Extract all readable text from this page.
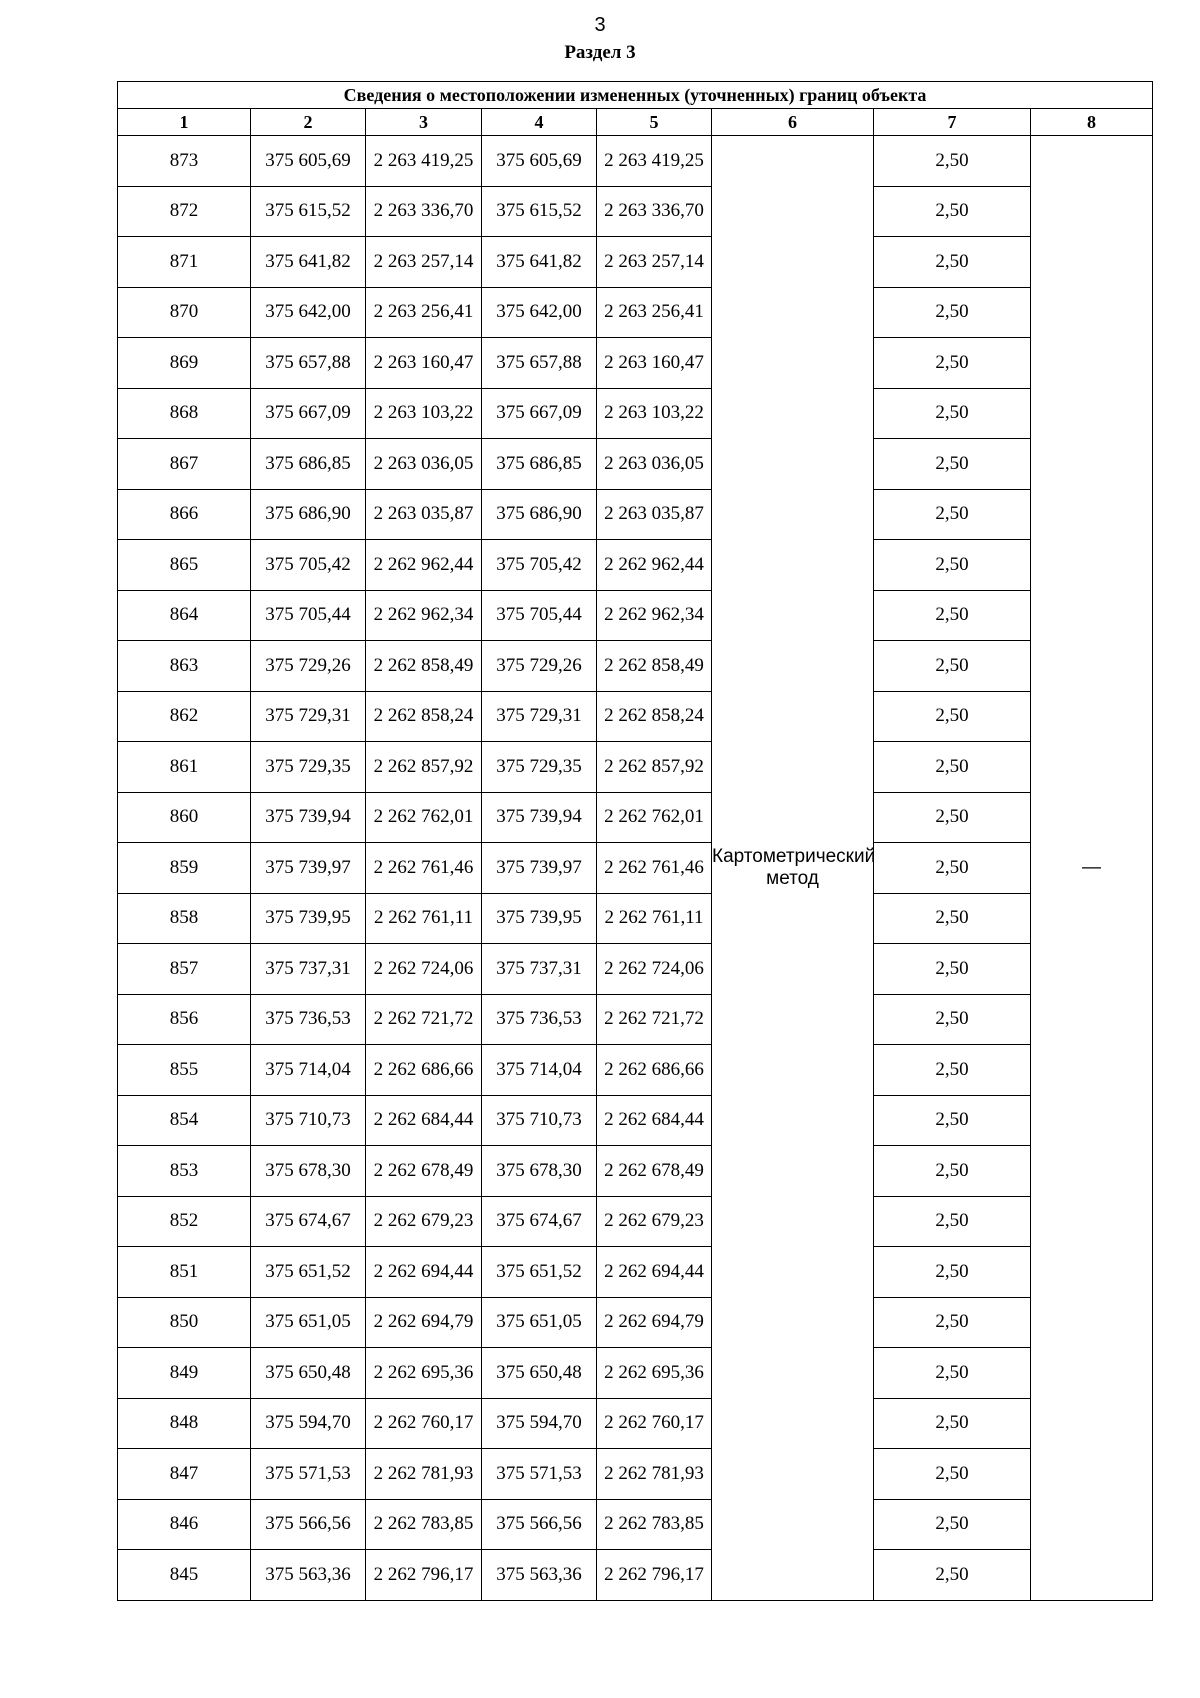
3
Раздел 3
Сведения о местоположении измененных (уточненных) границ объекта							
1	2	3	4	5	6	7	8
873	375 605,69	2 263 419,25	375 605,69	2 263 419,25	Картометрический метод	2,50	—
872	375 615,52	2 263 336,70	375 615,52	2 263 336,70		2,50	
871	375 641,82	2 263 257,14	375 641,82	2 263 257,14		2,50	
870	375 642,00	2 263 256,41	375 642,00	2 263 256,41		2,50	
869	375 657,88	2 263 160,47	375 657,88	2 263 160,47		2,50	
868	375 667,09	2 263 103,22	375 667,09	2 263 103,22		2,50	
867	375 686,85	2 263 036,05	375 686,85	2 263 036,05		2,50	
866	375 686,90	2 263 035,87	375 686,90	2 263 035,87		2,50	
865	375 705,42	2 262 962,44	375 705,42	2 262 962,44		2,50	
864	375 705,44	2 262 962,34	375 705,44	2 262 962,34		2,50	
863	375 729,26	2 262 858,49	375 729,26	2 262 858,49		2,50	
862	375 729,31	2 262 858,24	375 729,31	2 262 858,24		2,50	
861	375 729,35	2 262 857,92	375 729,35	2 262 857,92		2,50	
860	375 739,94	2 262 762,01	375 739,94	2 262 762,01		2,50	
859	375 739,97	2 262 761,46	375 739,97	2 262 761,46		2,50	
858	375 739,95	2 262 761,11	375 739,95	2 262 761,11		2,50	
857	375 737,31	2 262 724,06	375 737,31	2 262 724,06		2,50	
856	375 736,53	2 262 721,72	375 736,53	2 262 721,72		2,50	
855	375 714,04	2 262 686,66	375 714,04	2 262 686,66		2,50	
854	375 710,73	2 262 684,44	375 710,73	2 262 684,44		2,50	
853	375 678,30	2 262 678,49	375 678,30	2 262 678,49		2,50	
852	375 674,67	2 262 679,23	375 674,67	2 262 679,23		2,50	
851	375 651,52	2 262 694,44	375 651,52	2 262 694,44		2,50	
850	375 651,05	2 262 694,79	375 651,05	2 262 694,79		2,50	
849	375 650,48	2 262 695,36	375 650,48	2 262 695,36		2,50	
848	375 594,70	2 262 760,17	375 594,70	2 262 760,17		2,50	
847	375 571,53	2 262 781,93	375 571,53	2 262 781,93		2,50	
846	375 566,56	2 262 783,85	375 566,56	2 262 783,85		2,50	
845	375 563,36	2 262 796,17	375 563,36	2 262 796,17		2,50	
